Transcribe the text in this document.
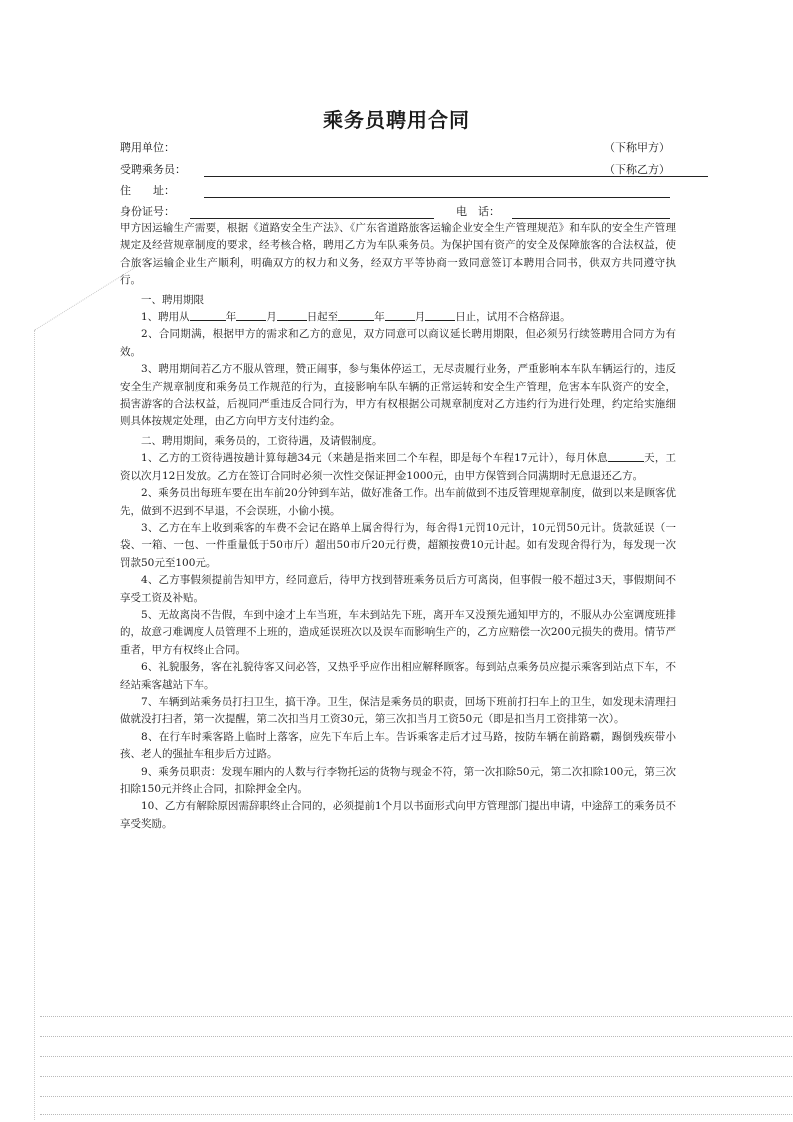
乘务员聘用合同
聘用单位：	（下称甲方）
受聘乘务员：	（下称乙方）
住　　址：
身份证号：	电　话：

甲方因运输生产需要，根据《道路安全生产法》、《广东省道路旅客运输企业安全生产管理规范》和车队的安全生产管理规定及经营规章制度的要求，经考核合格，聘用乙方为车队乘务员。为保护国有资产的安全及保障旅客的合法权益，使合旅客运输企业生产顺利，明确双方的权力和义务，经双方平等协商一致同意签订本聘用合同书，供双方共同遵守执行。

一、聘用期限

1、聘用从	年	月	日起至	年	月	日止，试用不合格辞退。

2、合同期满，根据甲方的需求和乙方的意见，双方同意可以商议延长聘用期限，但必须另行续签聘用合同方为有效。

3、聘用期间若乙方不服从管理，赞正闹事，参与集体停运工，无尽责履行业务，严重影响本车队车辆运行的，违反安全生产规章制度和乘务员工作规范的行为，直接影响车队车辆的正常运转和安全生产管理，危害本车队资产的安全，损害游客的合法权益，后视同严重违反合同行为，甲方有权根据公司规章制度对乙方违约行为进行处理，约定给实施细则具体按规定处理，由乙方向甲方支付违约金。

二、聘用期间，乘务员的，工资待遇，及请假制度。

1、乙方的工资待遇按趟计算每趟34元（来趟是指来回二个车程，即是每个车程17元计），每月休息	天，工资以次月12日发放。乙方在签订合同时必须一次性交保证押金1000元，由甲方保管到合同满期时无息退还乙方。

2、乘务员出每班车要在出车前20分钟到车站，做好准备工作。出车前做到不违反管理规章制度，做到以来是顾客优先，做到不迟到不早退，不会误班，小偷小摸。

3、乙方在车上收到乘客的车费不会记在路单上属舍得行为，每舍得1元罚10元计，10元罚50元计。货款延误（一袋、一箱、一包、一件重量低于50市斤）超出50市斤20元行费，超额按费10元计起。如有发现舍得行为，每发现一次罚款50元至100元。

4、乙方事假须提前告知甲方，经同意后，待甲方找到替班乘务员后方可离岗，但事假一般不超过3天，事假期间不享受工资及补贴。

5、无故离岗不告假，车到中途才上车当班，车未到站先下班，离开车又没预先通知甲方的，不服从办公室调度班排的，故意刁难调度人员管理不上班的，造成延误班次以及误车而影响生产的，乙方应赔偿一次200元损失的费用。情节严重者，甲方有权终止合同。

6、礼貌服务，客在礼貌待客又问必答，又热乎乎应作出相应解释顾客。每到站点乘务员应提示乘客到站点下车，不经站乘客越站下车。

7、车辆到站乘务员打扫卫生，搞干净。卫生，保洁是乘务员的职责，回场下班前打扫车上的卫生，如发现未清理扫做就没打扫者，第一次提醒，第二次扣当月工资30元，第三次扣当月工资50元（即是扣当月工资排第一次）。

8、在行车时乘客路上临时上落客，应先下车后上车。告诉乘客走后才过马路，按防车辆在前路霸，踢倒残疾带小孩、老人的强扯车租步后方过路。

9、乘务员职责：发现车厢内的人数与行李物托运的货物与现金不符，第一次扣除50元，第二次扣除100元，第三次扣除150元并终止合同，扣除押金全内。

10、乙方有解除原因需辞职终止合同的，必须提前1个月以书面形式向甲方管理部门提出申请，中途辞工的乘务员不享受奖励。
